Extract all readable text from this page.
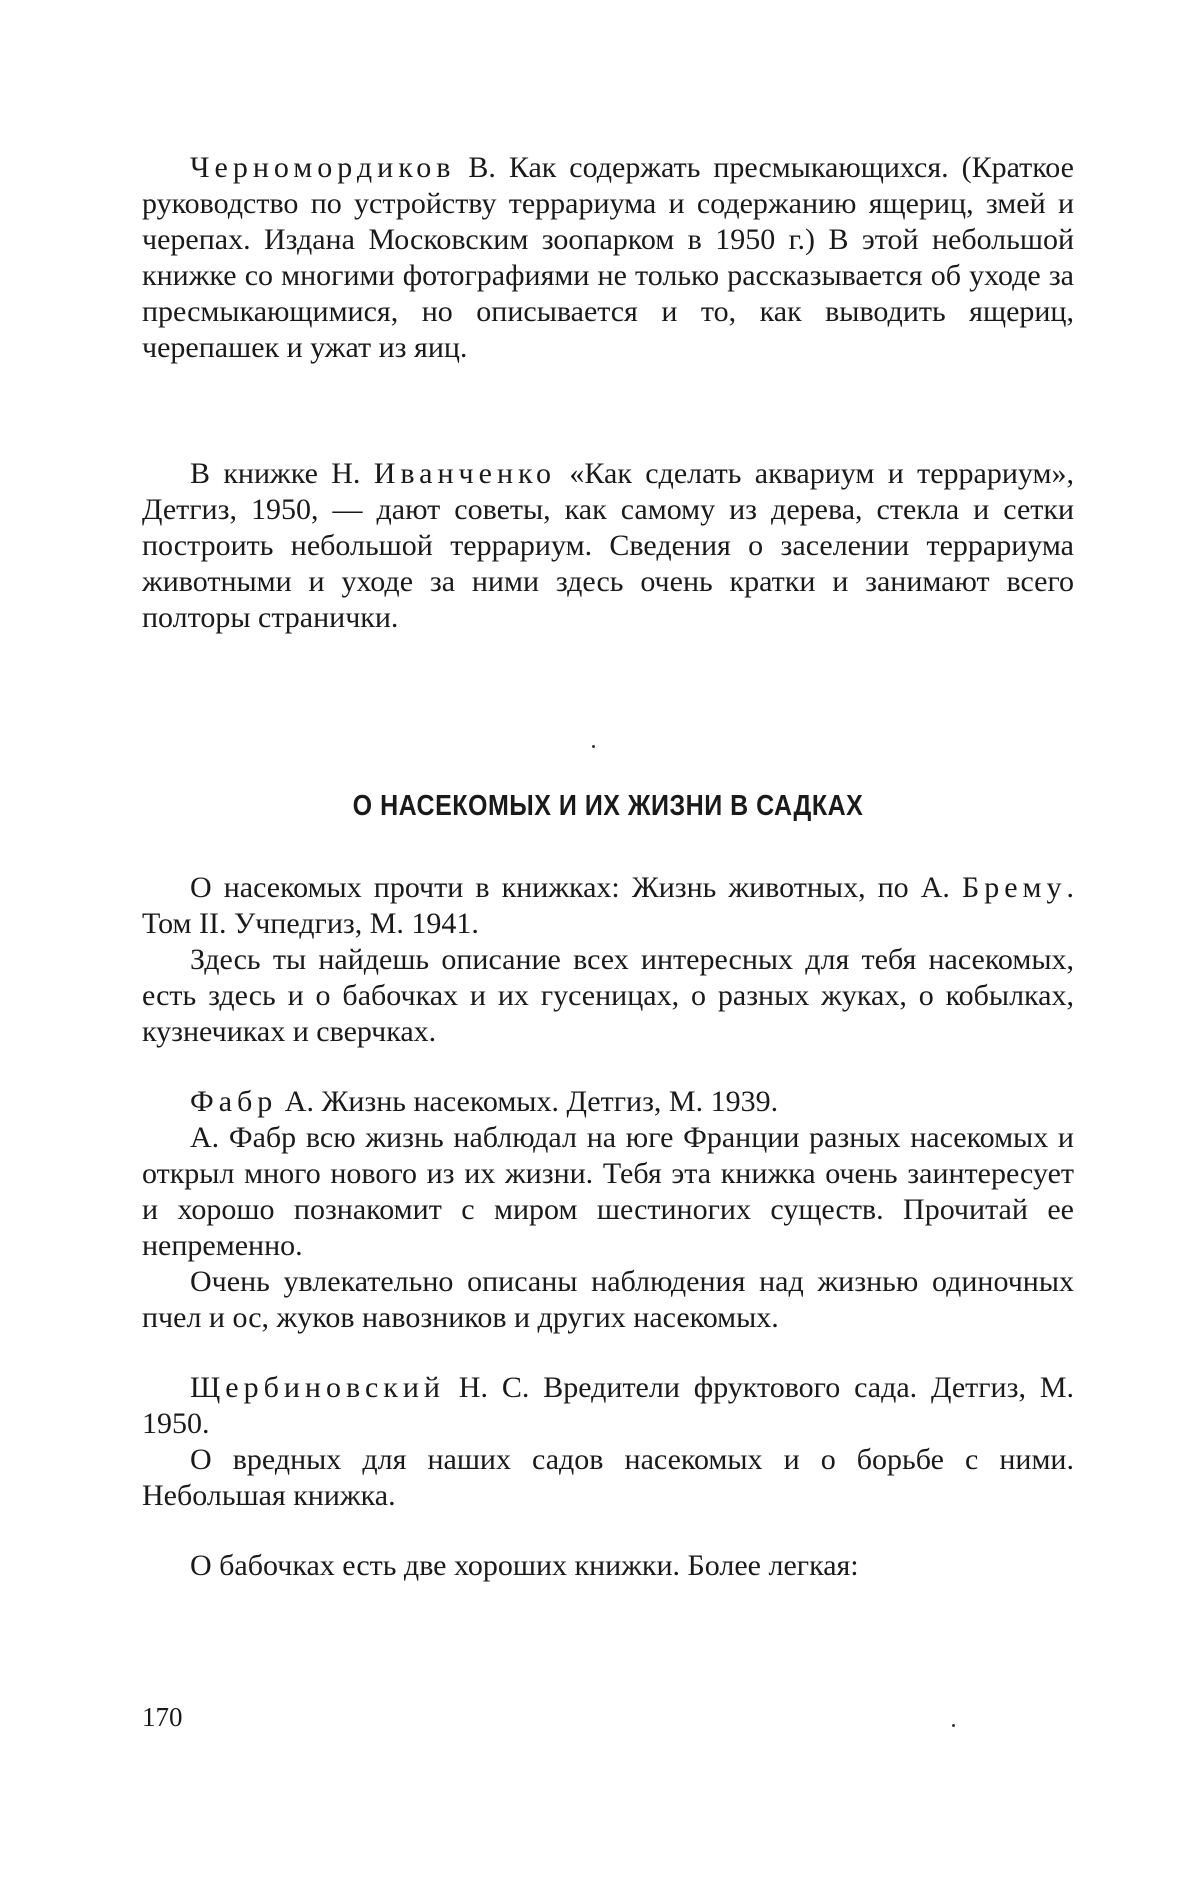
Черномордиков В. Как содержать пресмыкающихся. (Краткое руководство по устройству террариума и содержанию ящериц, змей и черепах. Издана Московским зоопарком в 1950 г.) В этой небольшой книжке со многими фотографиями не только рассказывается об уходе за пресмыкающимися, но описывается и то, как выводить ящериц, черепашек и ужат из яиц.

В книжке Н. Иванченко «Как сделать аквариум и террариум», Детгиз, 1950, — дают советы, как самому из дерева, стекла и сетки построить небольшой террариум. Сведения о заселении террариума животными и уходе за ними здесь очень кратки и занимают всего полторы странички.

О НАСЕКОМЫХ И ИХ ЖИЗНИ В САДКАХ

О насекомых прочти в книжках: Жизнь животных, по А. Брему. Том II. Учпедгиз, М. 1941.

Здесь ты найдешь описание всех интересных для тебя насекомых, есть здесь и о бабочках и их гусеницах, о разных жуках, о кобылках, кузнечиках и сверчках.

Фабр А. Жизнь насекомых. Детгиз, М. 1939.

А. Фабр всю жизнь наблюдал на юге Франции разных насекомых и открыл много нового из их жизни. Тебя эта книжка очень заинтересует и хорошо познакомит с миром шестиногих существ. Прочитай ее непременно.

Очень увлекательно описаны наблюдения над жизнью одиночных пчел и ос, жуков навозников и других насекомых.

Щербиновский Н. С. Вредители фруктового сада. Детгиз, М. 1950.

О вредных для наших садов насекомых и о борьбе с ними. Небольшая книжка.

О бабочках есть две хороших книжки. Более легкая:

170
